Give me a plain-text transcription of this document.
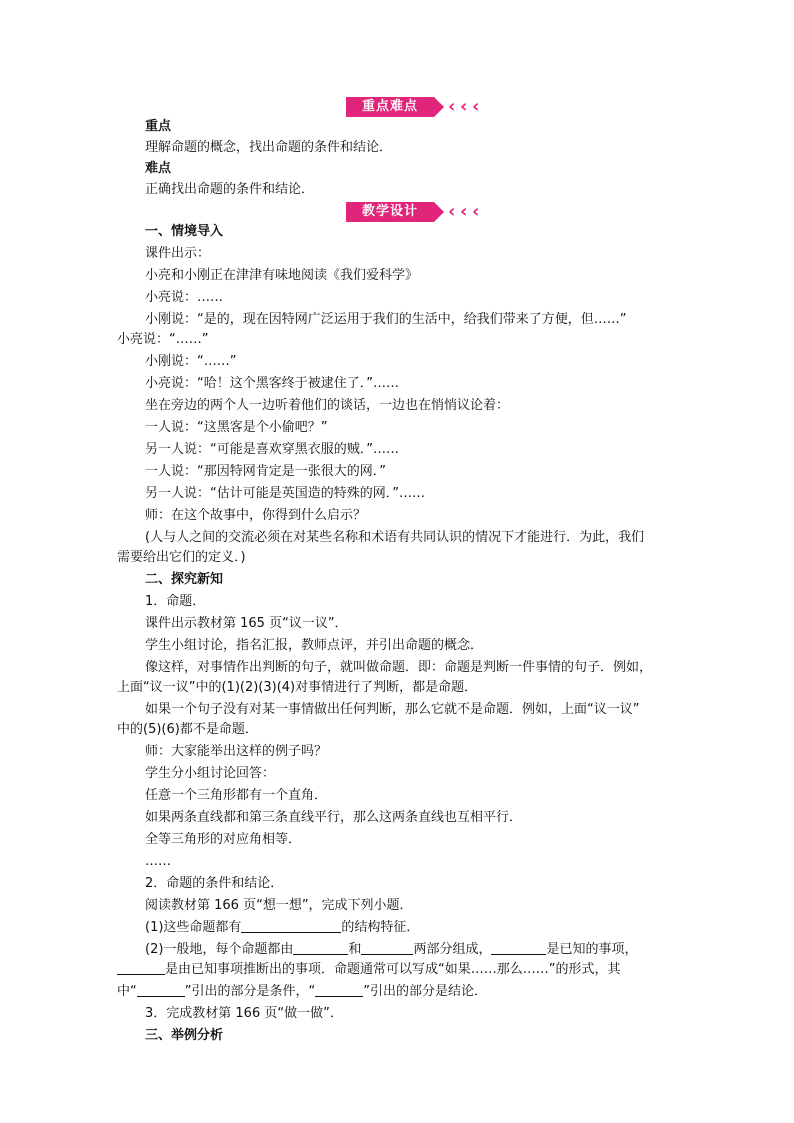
重点难点	‹ ‹ ‹
重点
理解命题的概念，找出命题的条件和结论．
难点
正确找出命题的条件和结论．
教学设计	‹ ‹ ‹
一、情境导入
课件出示：
小亮和小刚正在津津有味地阅读《我们爱科学》
小亮说：……
小刚说：“是的，现在因特网广泛运用于我们的生活中，给我们带来了方便，但……”
小亮说：“……”
小刚说：“……”
小亮说：“哈！这个黑客终于被逮住了．”……
坐在旁边的两个人一边听着他们的谈话，一边也在悄悄议论着：
一人说：“这黑客是个小偷吧？”
另一人说：“可能是喜欢穿黑衣服的贼．”……
一人说：“那因特网肯定是一张很大的网．”
另一人说：“估计可能是英国造的特殊的网．”……
师：在这个故事中，你得到什么启示？
(人与人之间的交流必须在对某些名称和术语有共同认识的情况下才能进行．为此，我们
需要给出它们的定义．)
二、探究新知
1．命题．
课件出示教材第 165 页“议一议”．
学生小组讨论，指名汇报，教师点评，并引出命题的概念．
像这样，对事情作出判断的句子，就叫做命题．即：命题是判断一件事情的句子．例如，
上面“议一议”中的(1)(2)(3)(4)对事情进行了判断，都是命题．
如果一个句子没有对某一事情做出任何判断，那么它就不是命题．例如，上面“议一议”
中的(5)(6)都不是命题．
师：大家能举出这样的例子吗？
学生分小组讨论回答：
任意一个三角形都有一个直角．
如果两条直线都和第三条直线平行，那么这两条直线也互相平行．
全等三角形的对应角相等．
……
2．命题的条件和结论．
阅读教材第 166 页“想一想”，完成下列小题．
(1)这些命题都有	的结构特征．
(2)一般地，每个命题都由	和	两部分组成，	是已知的事项，
是由已知事项推断出的事项．命题通常可以写成“如果……那么……”的形式，其
中“	”引出的部分是条件，“	”引出的部分是结论．
3．完成教材第 166 页“做一做”．
三、举例分析
